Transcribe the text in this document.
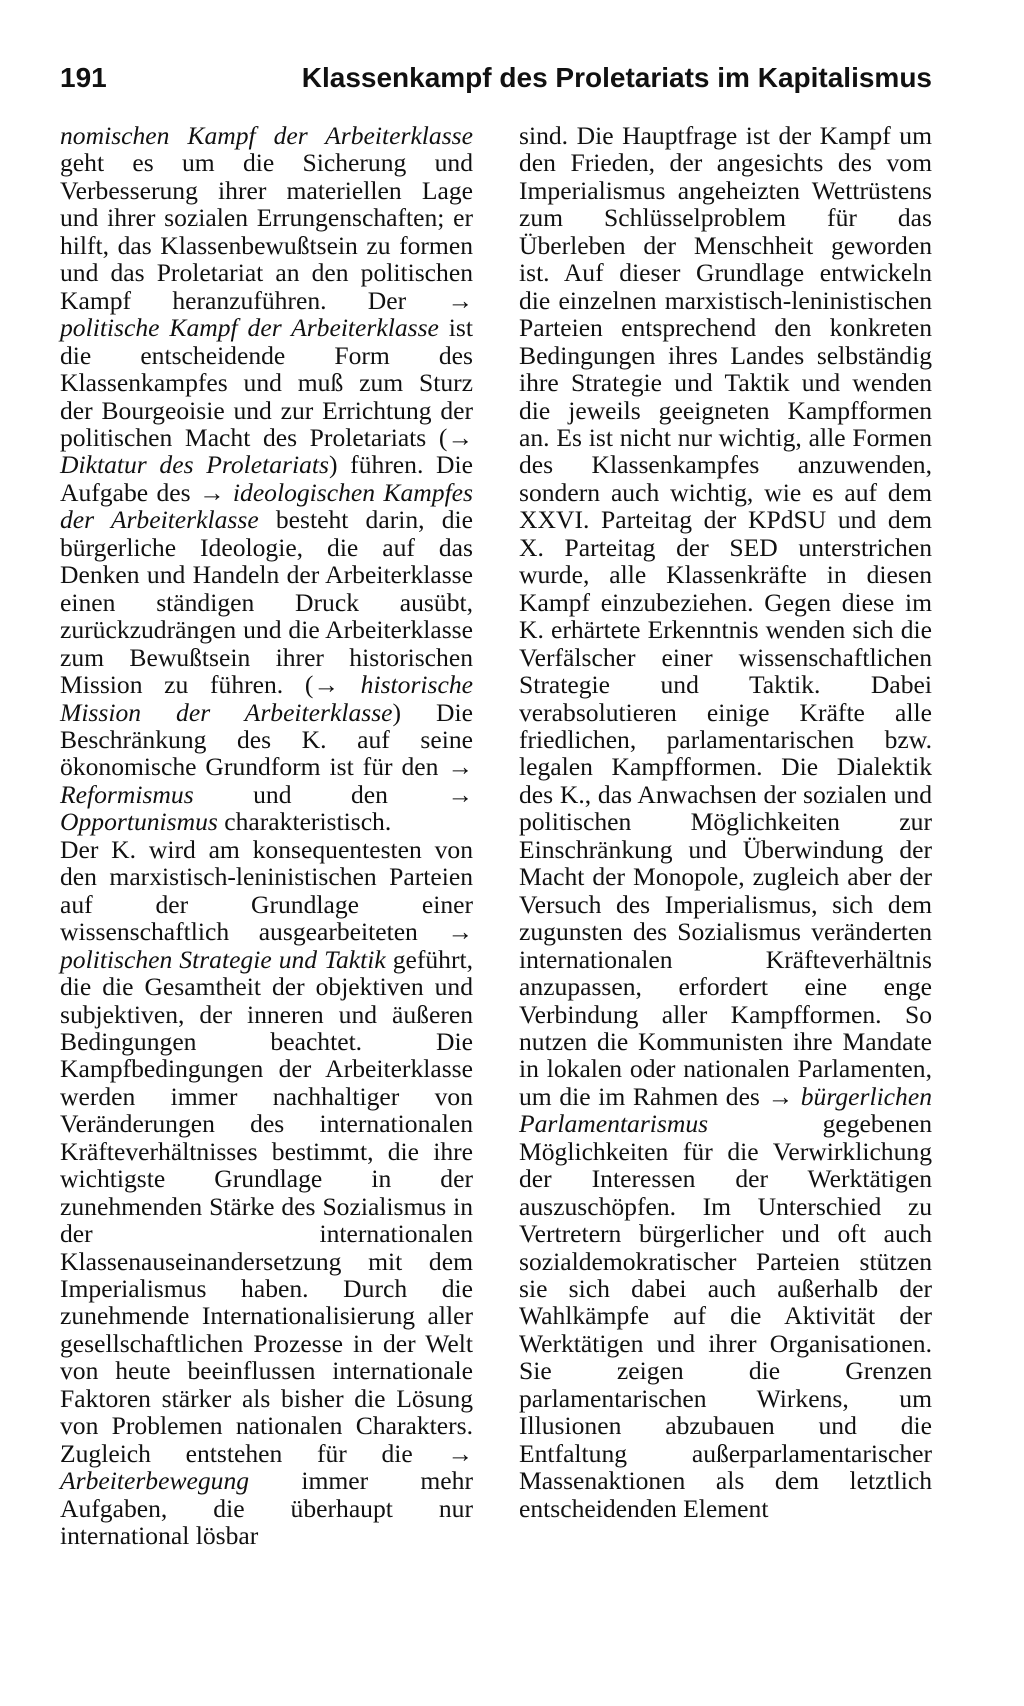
191	Klassenkampf des Proletariats im Kapitalismus

nomischen Kampf der Arbeiterklasse geht es um die Sicherung und Verbesserung ihrer materiellen Lage und ihrer sozialen Errungenschaften; er hilft, das Klassenbewußtsein zu formen und das Proletariat an den politischen Kampf heranzuführen. Der → politische Kampf der Arbeiterklasse ist die entscheidende Form des Klassenkampfes und muß zum Sturz der Bourgeoisie und zur Errichtung der politischen Macht des Proletariats (→ Diktatur des Proletariats) führen. Die Aufgabe des → ideologischen Kampfes der Arbeiterklasse besteht darin, die bürgerliche Ideologie, die auf das Denken und Handeln der Arbeiterklasse einen ständigen Druck ausübt, zurückzudrängen und die Arbeiterklasse zum Bewußtsein ihrer historischen Mission zu führen. (→ historische Mission der Arbeiterklasse) Die Beschränkung des K. auf seine ökonomische Grundform ist für den → Reformismus und den → Opportunismus charakteristisch.

Der K. wird am konsequentesten von den marxistisch-leninistischen Parteien auf der Grundlage einer wissenschaftlich ausgearbeiteten → politischen Strategie und Taktik geführt, die die Gesamtheit der objektiven und subjektiven, der inneren und äußeren Bedingungen beachtet. Die Kampfbedingungen der Arbeiterklasse werden immer nachhaltiger von Veränderungen des internationalen Kräfteverhältnisses bestimmt, die ihre wichtigste Grundlage in der zunehmenden Stärke des Sozialismus in der internationalen Klassenauseinandersetzung mit dem Imperialismus haben. Durch die zunehmende Internationalisierung aller gesellschaftlichen Prozesse in der Welt von heute beeinflussen internationale Faktoren stärker als bisher die Lösung von Problemen nationalen Charakters. Zugleich entstehen für die → Arbeiterbewegung immer mehr Aufgaben, die überhaupt nur international lösbar

sind. Die Hauptfrage ist der Kampf um den Frieden, der angesichts des vom Imperialismus angeheizten Wettrüstens zum Schlüsselproblem für das Überleben der Menschheit geworden ist. Auf dieser Grundlage entwickeln die einzelnen marxistisch-leninistischen Parteien entsprechend den konkreten Bedingungen ihres Landes selbständig ihre Strategie und Taktik und wenden die jeweils geeigneten Kampfformen an. Es ist nicht nur wichtig, alle Formen des Klassenkampfes anzuwenden, sondern auch wichtig, wie es auf dem XXVI. Parteitag der KPdSU und dem X. Parteitag der SED unterstrichen wurde, alle Klassenkräfte in diesen Kampf einzubeziehen. Gegen diese im K. erhärtete Erkenntnis wenden sich die Verfälscher einer wissenschaftlichen Strategie und Taktik. Dabei verabsolutieren einige Kräfte alle friedlichen, parlamentarischen bzw. legalen Kampfformen. Die Dialektik des K., das Anwachsen der sozialen und politischen Möglichkeiten zur Einschränkung und Überwindung der Macht der Monopole, zugleich aber der Versuch des Imperialismus, sich dem zugunsten des Sozialismus veränderten internationalen Kräfteverhältnis anzupassen, erfordert eine enge Verbindung aller Kampfformen. So nutzen die Kommunisten ihre Mandate in lokalen oder nationalen Parlamenten, um die im Rahmen des → bürgerlichen Parlamentarismus gegebenen Möglichkeiten für die Verwirklichung der Interessen der Werktätigen auszuschöpfen. Im Unterschied zu Vertretern bürgerlicher und oft auch sozialdemokratischer Parteien stützen sie sich dabei auch außerhalb der Wahlkämpfe auf die Aktivität der Werktätigen und ihrer Organisationen. Sie zeigen die Grenzen parlamentarischen Wirkens, um Illusionen abzubauen und die Entfaltung außerparlamentarischer Massenaktionen als dem letztlich entscheidenden Element
